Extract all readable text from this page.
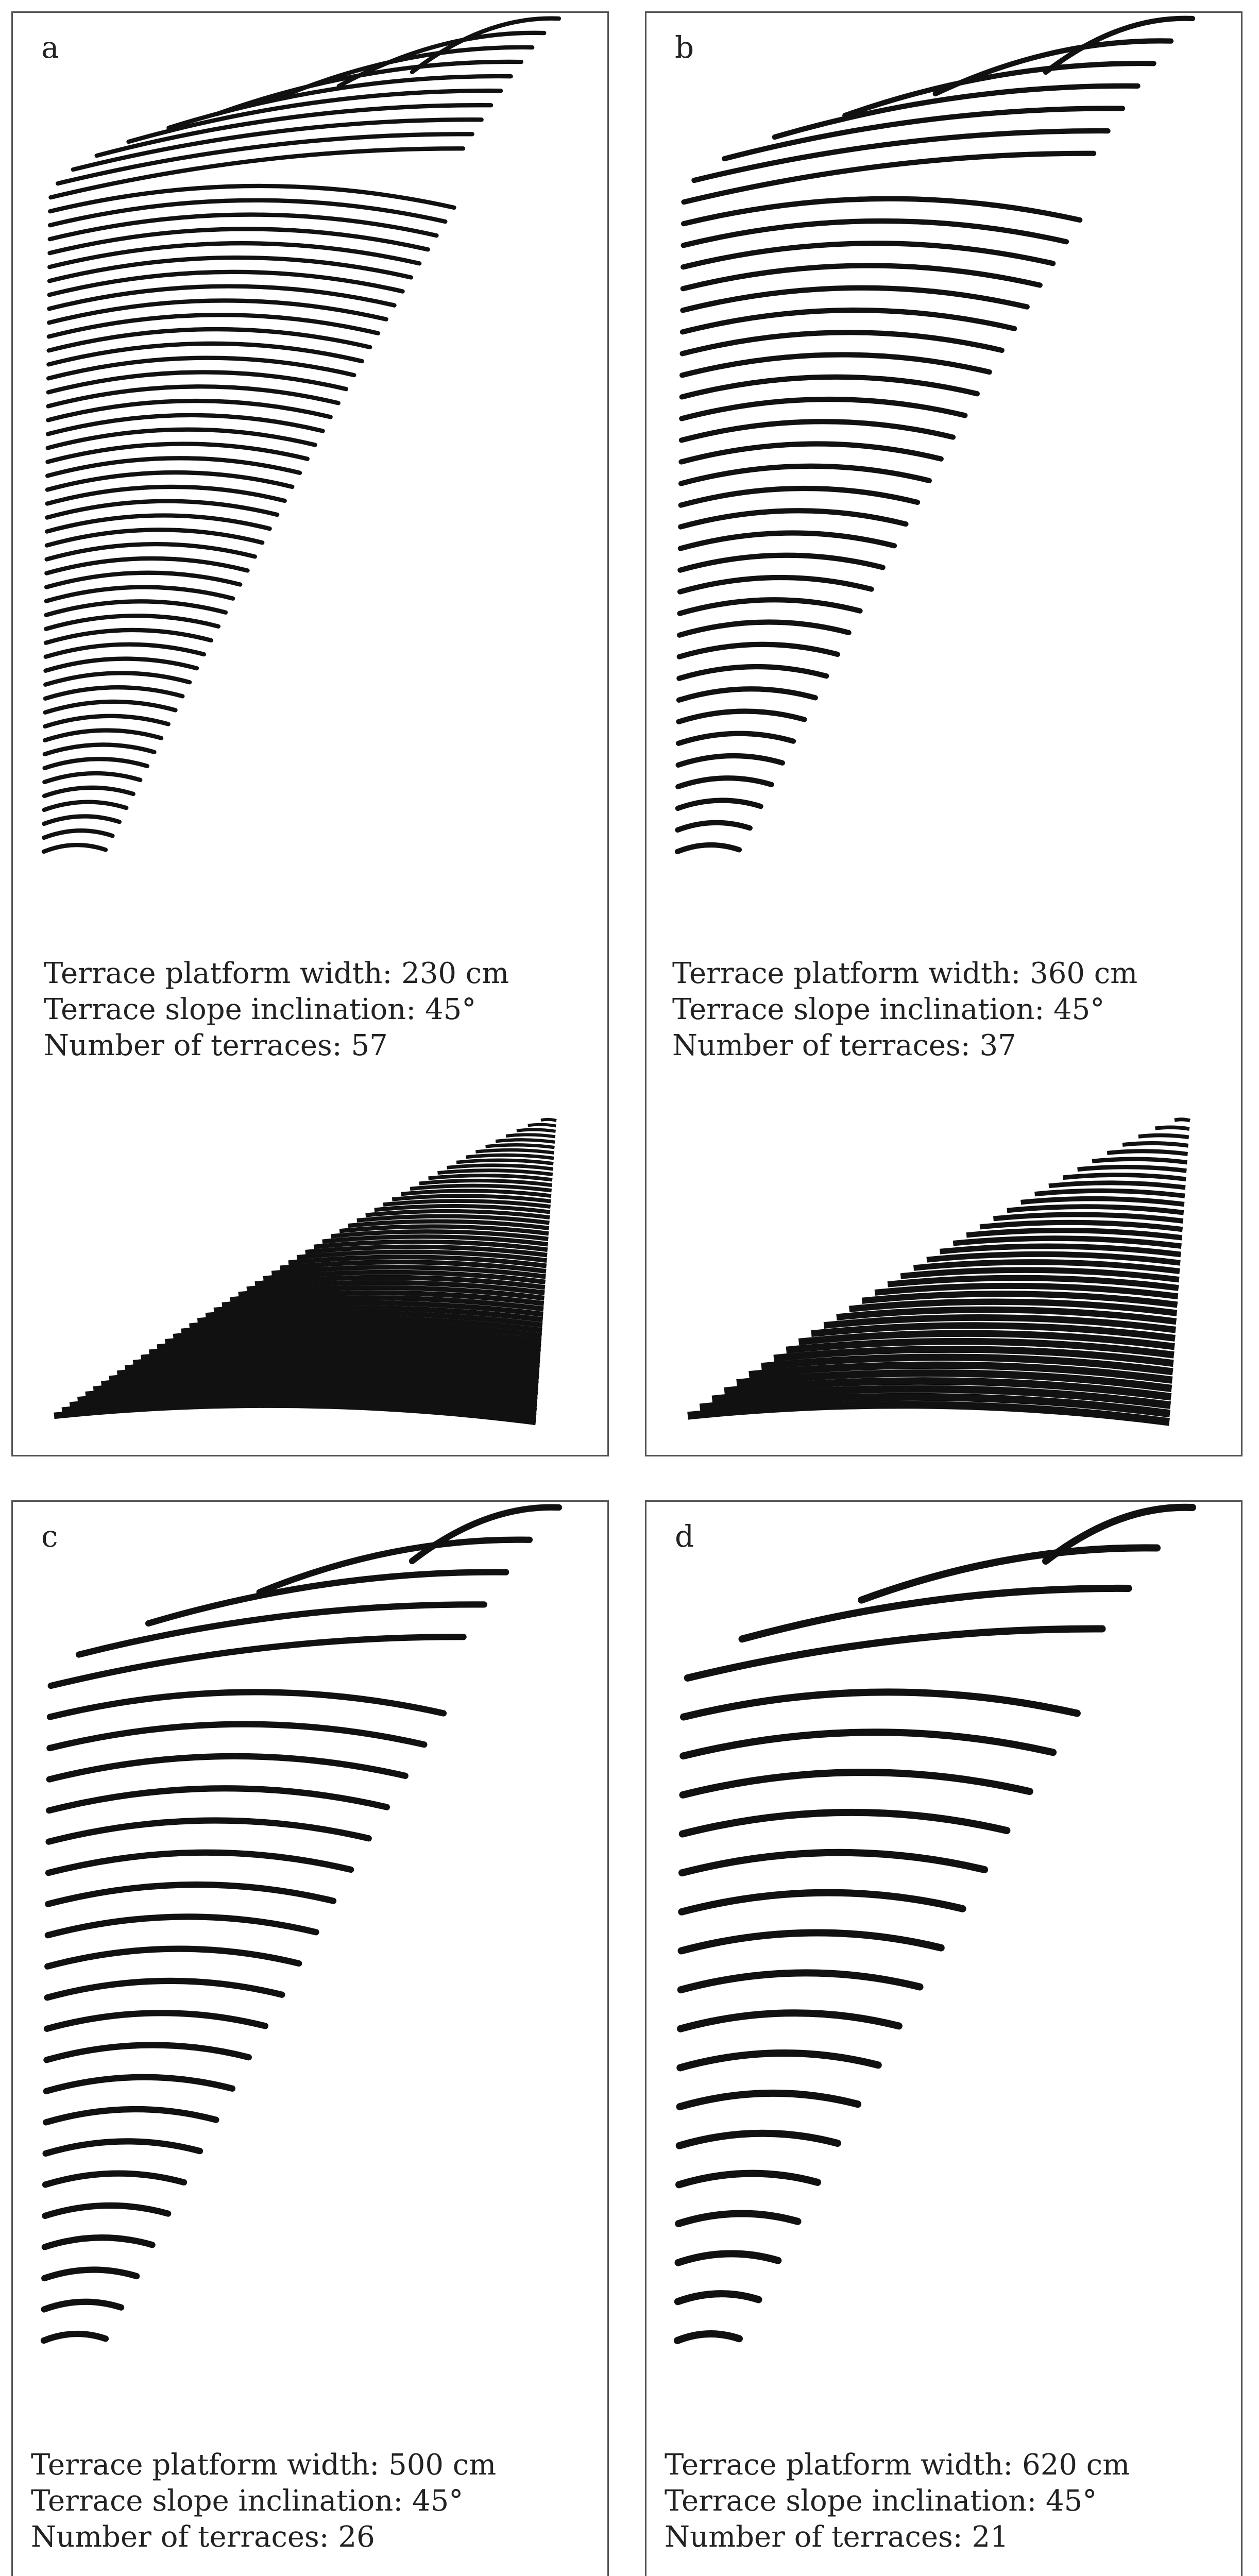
a
Terrace platform width: 230 cm
Terrace slope inclination: 45°
Number of terraces: 57
b
Terrace platform width: 360 cm
Terrace slope inclination: 45°
Number of terraces: 37
c
Terrace platform width: 500 cm
Terrace slope inclination: 45°
Number of terraces: 26
d
Terrace platform width: 620 cm
Terrace slope inclination: 45°
Number of terraces: 21
